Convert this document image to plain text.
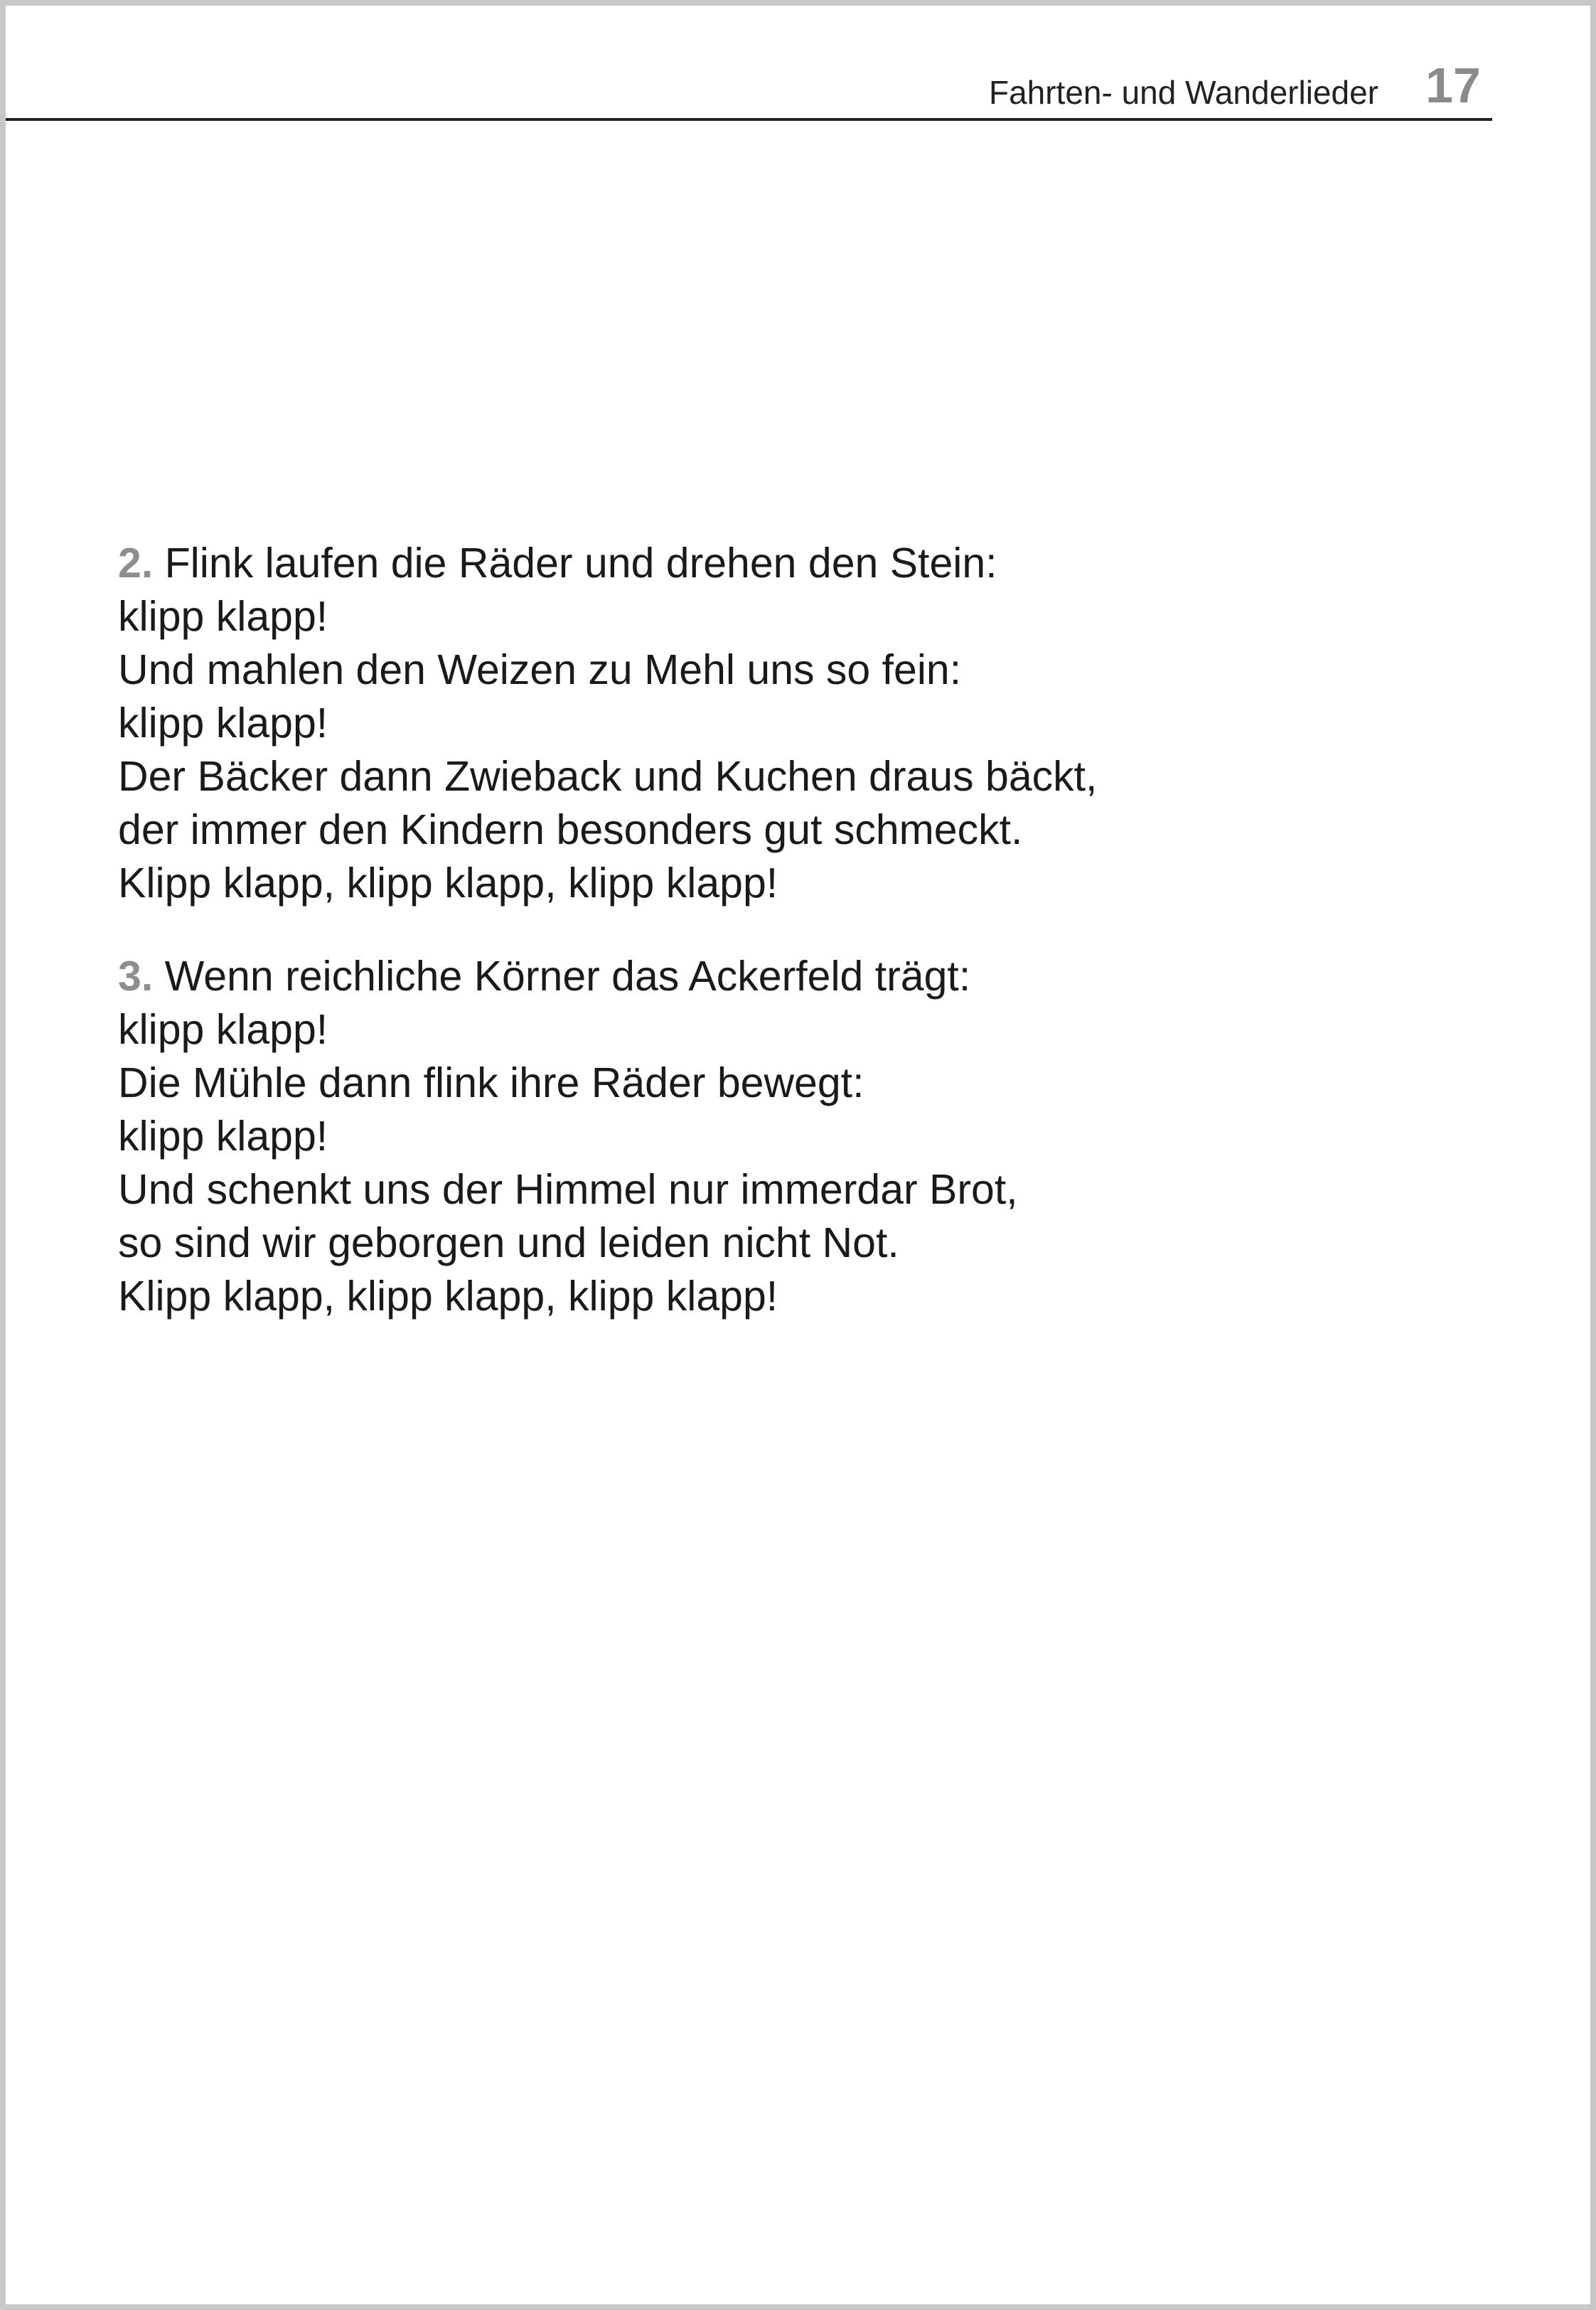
Fahrten- und Wanderlieder 17
2. Flink laufen die Räder und drehen den Stein:
klipp klapp!
Und mahlen den Weizen zu Mehl uns so fein:
klipp klapp!
Der Bäcker dann Zwieback und Kuchen draus bäckt,
der immer den Kindern besonders gut schmeckt.
Klipp klapp, klipp klapp, klipp klapp!
3. Wenn reichliche Körner das Ackerfeld trägt:
klipp klapp!
Die Mühle dann flink ihre Räder bewegt:
klipp klapp!
Und schenkt uns der Himmel nur immerdar Brot,
so sind wir geborgen und leiden nicht Not.
Klipp klapp, klipp klapp, klipp klapp!
